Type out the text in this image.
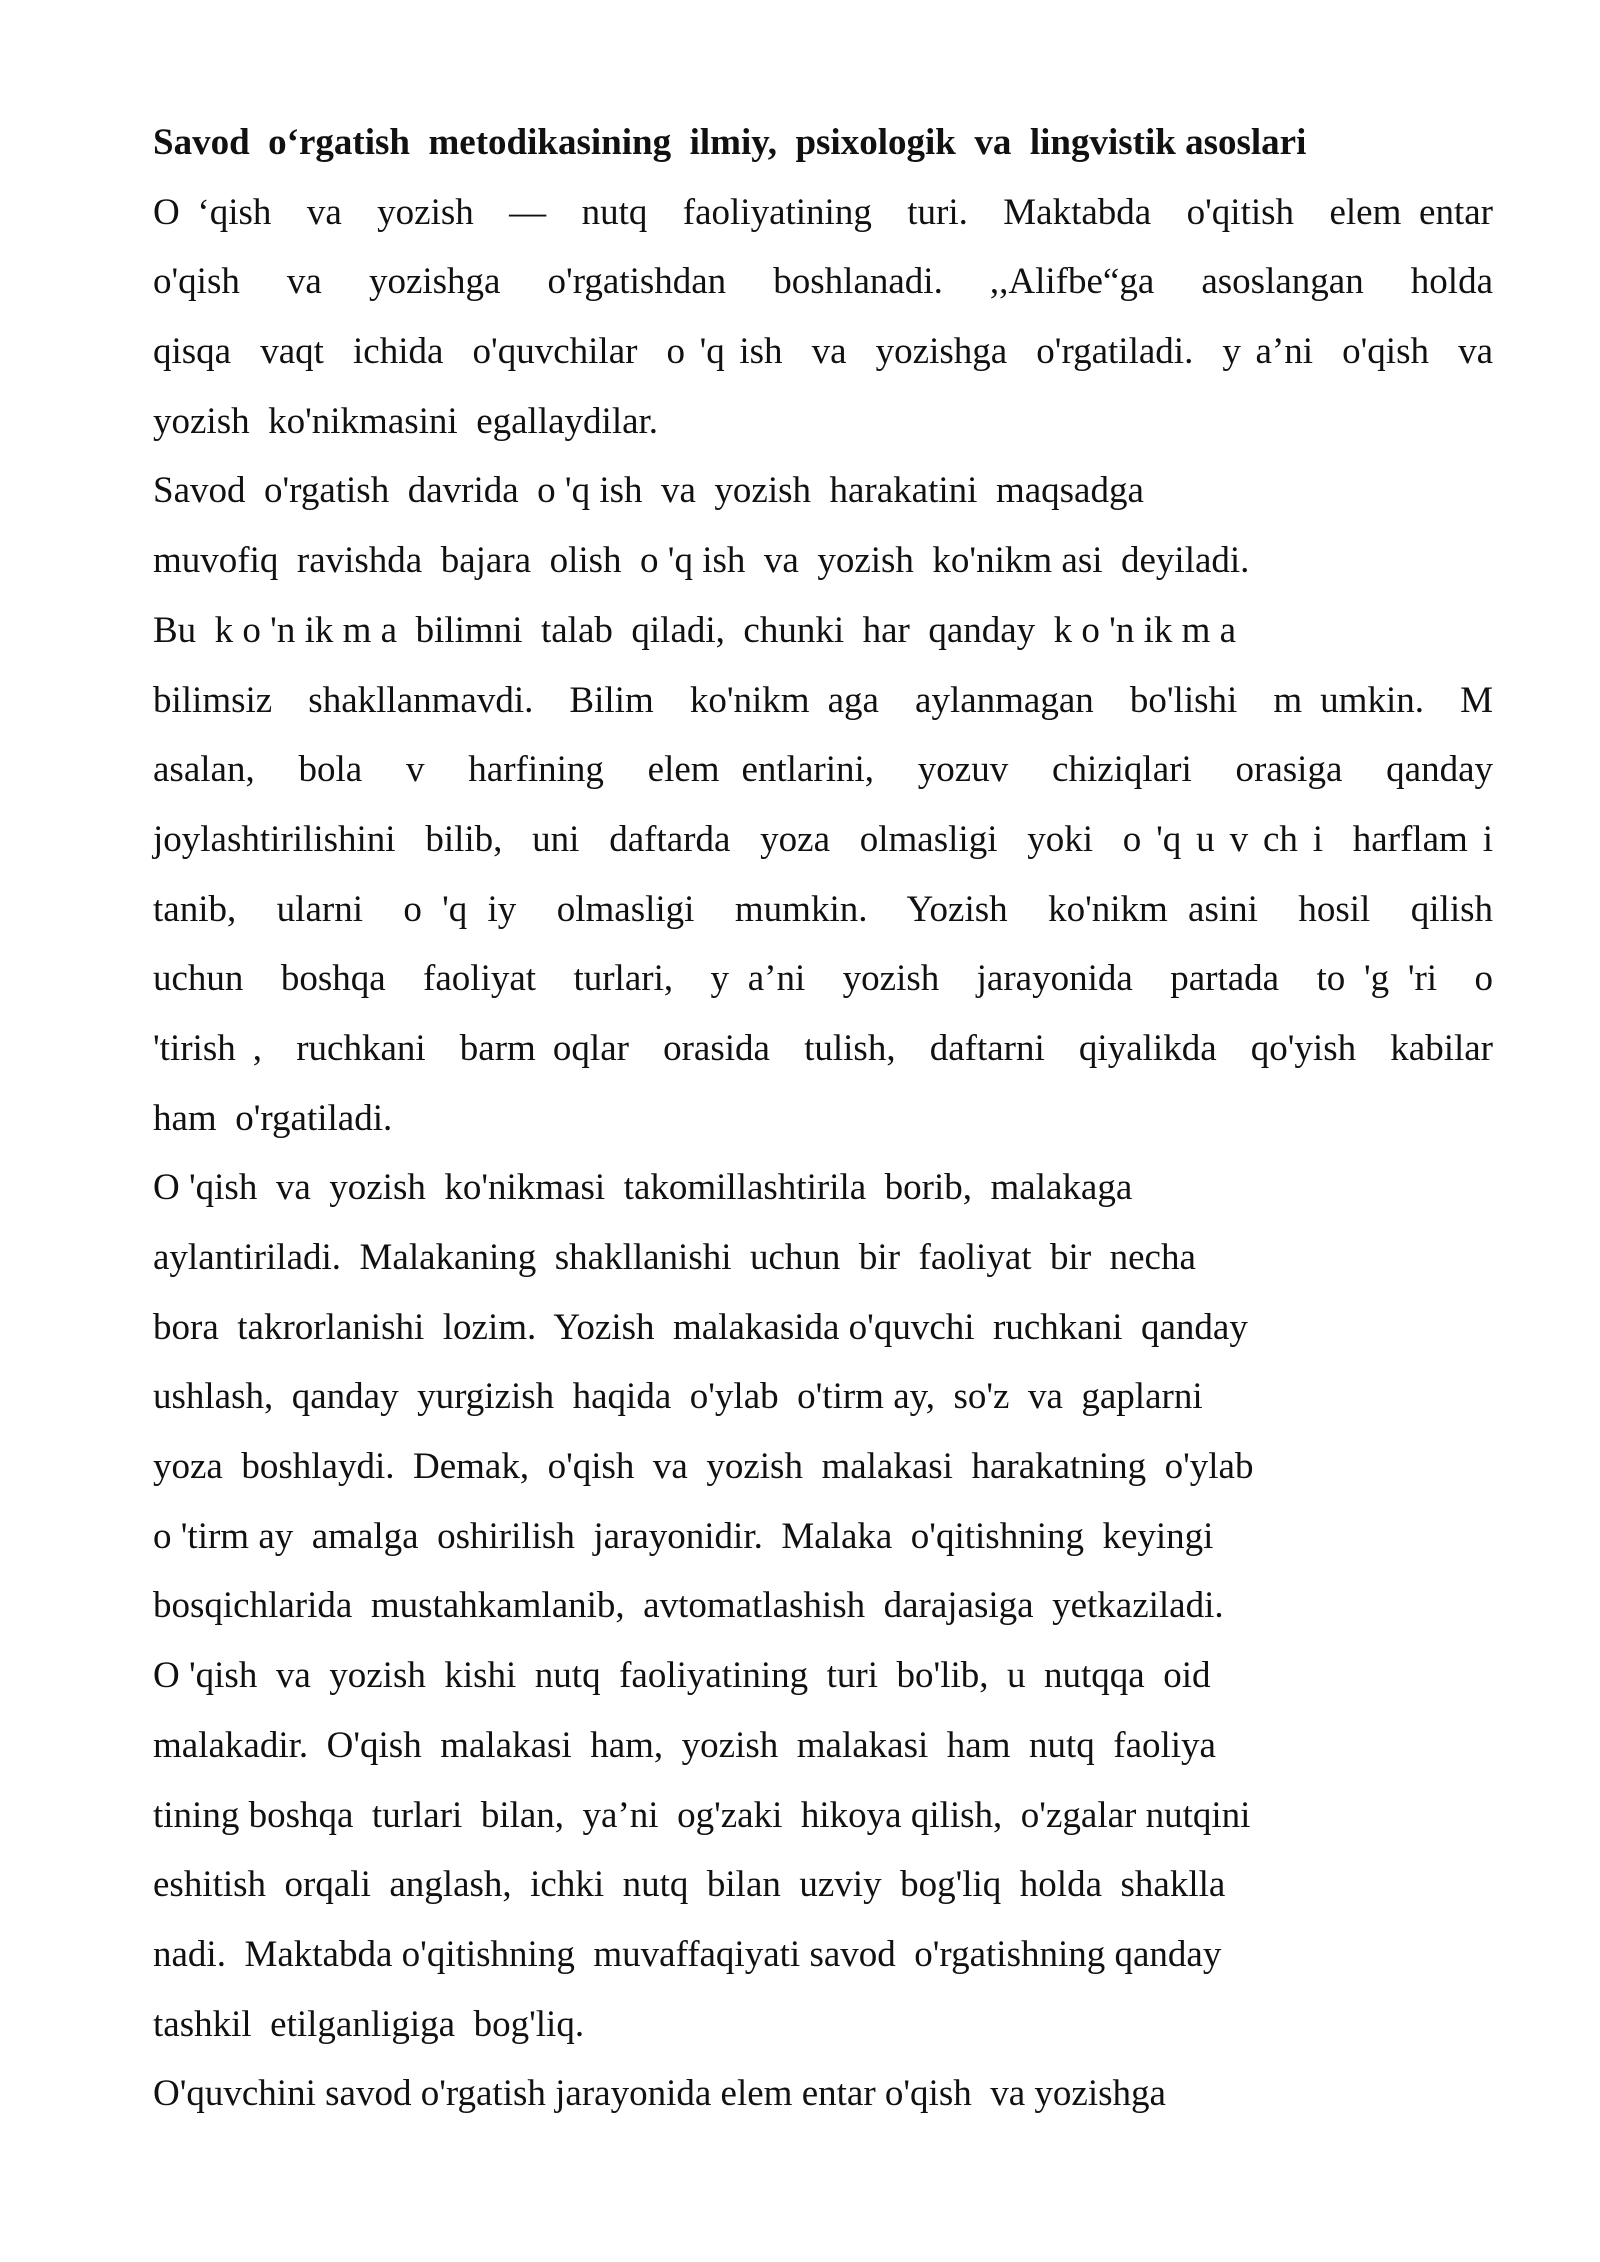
Savod  o‘rgatish  metodikasining  ilmiy,  psixologik  va  lingvistik asoslari
O ‘qish  va  yozish  —  nutq  faoliyatining  turi.  Maktabda  o'qitish  elem entar
o'qish  va  yozishga  o'rgatishdan  boshlanadi.  ,,Alifbe“ga  asoslangan  holda
qisqa  vaqt  ichida  o'quvchilar  o 'q ish  va  yozishga  o'rgatiladi.  y a’ni  o'qish  va
yozish  ko'nikmasini  egallaydilar.
Savod  o'rgatish  davrida  o 'q ish  va  yozish  harakatini  maqsadga
muvofiq  ravishda  bajara  olish  o 'q ish  va  yozish  ko'nikm asi  deyiladi.
Bu  k o 'n ik m a  bilimni  talab  qiladi,  chunki  har  qanday  k o 'n ik m a
bilimsiz  shakllanmavdi.  Bilim  ko'nikm aga  aylanmagan  bo'lishi  m umkin.  M
asalan,  bola  v  harfining  elem entlarini,  yozuv  chiziqlari  orasiga  qanday
joylashtirilishini  bilib,  uni  daftarda  yoza  olmasligi  yoki  o 'q u v ch i  harflam i
tanib,  ularni  o 'q iy  olmasligi  mumkin.  Yozish  ko'nikm asini  hosil  qilish
uchun  boshqa  faoliyat  turlari,  y a’ni  yozish  jarayonida  partada  to 'g 'ri  o
'tirish ,  ruchkani  barm oqlar  orasida  tulish,  daftarni  qiyalikda  qo'yish  kabilar
ham  o'rgatiladi.
O 'qish  va  yozish  ko'nikmasi  takomillashtirila  borib,  malakaga
aylantiriladi.  Malakaning  shakllanishi  uchun  bir  faoliyat  bir  necha
bora  takrorlanishi  lozim.  Yozish  malakasida o'quvchi  ruchkani  qanday
ushlash,  qanday  yurgizish  haqida  o'ylab  o'tirm ay,  so'z  va  gaplarni
yoza  boshlaydi.  Demak,  o'qish  va  yozish  malakasi  harakatning  o'ylab
o 'tirm ay  amalga  oshirilish  jarayonidir.  Malaka  o'qitishning  keyingi
bosqichlarida  mustahkamlanib,  avtomatlashish  darajasiga  yetkaziladi.
O 'qish  va  yozish  kishi  nutq  faoliyatining  turi  bo'lib,  u  nutqqa  oid
malakadir.  O'qish  malakasi  ham,  yozish  malakasi  ham  nutq  faoliya
tining boshqa  turlari  bilan,  ya’ni  og'zaki  hikoya qilish,  o'zgalar nutqini
eshitish  orqali  anglash,  ichki  nutq  bilan  uzviy  bog'liq  holda  shaklla
nadi.  Maktabda o'qitishning  muvaffaqiyati savod  o'rgatishning qanday
tashkil  etilganligiga  bog'liq.
O'quvchini savod o'rgatish jarayonida elem entar o'qish  va yozishga
